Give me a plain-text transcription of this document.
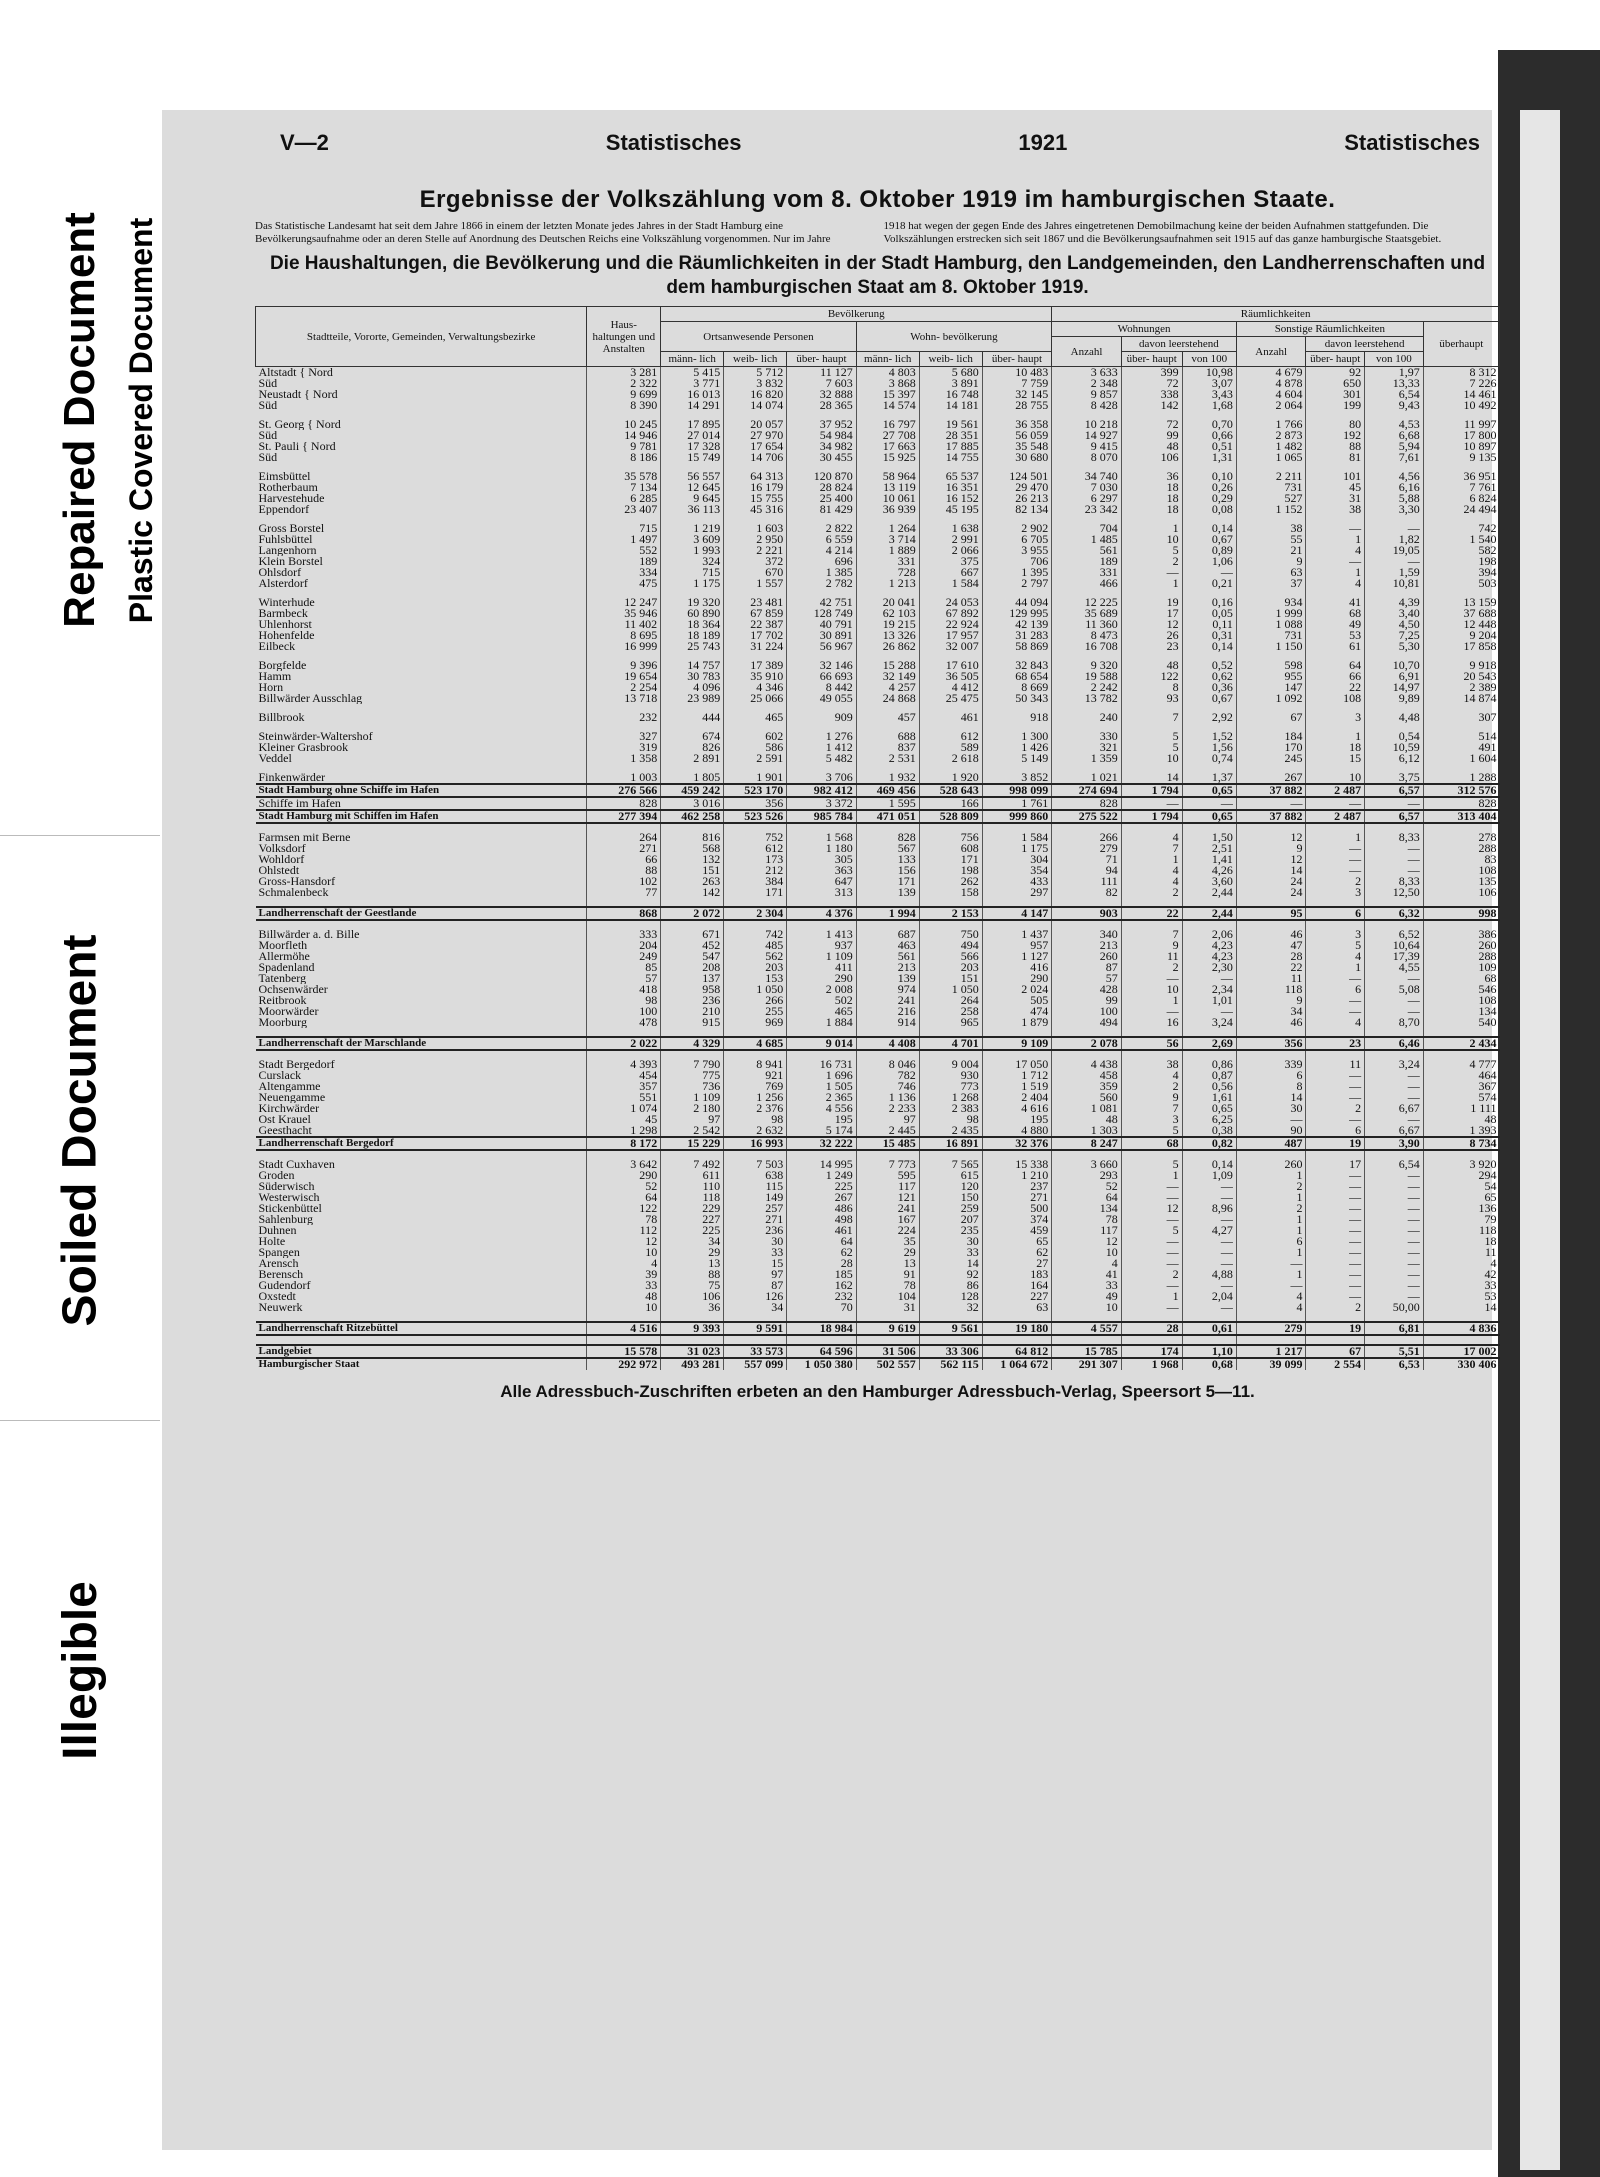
Repaired Document Plastic Covered Document
Soiled Document
Illegible
V—2	Statistisches	1921	Statistisches
Ergebnisse der Volkszählung vom 8. Oktober 1919 im hamburgischen Staate.
Das Statistische Landesamt hat seit dem Jahre 1866 in einem der letzten Monate jedes Jahres in der Stadt Hamburg eine Bevölkerungsaufnahme oder an deren Stelle auf Anordnung des Deutschen Reichs eine Volkszählung vorgenommen. Nur im Jahre
1918 hat wegen der gegen Ende des Jahres eingetretenen Demobilmachung keine der beiden Aufnahmen stattgefunden. Die Volkszählungen erstrecken sich seit 1867 und die Bevölkerungsaufnahmen seit 1915 auf das ganze hamburgische Staatsgebiet.
Die Haushaltungen, die Bevölkerung und die Räumlichkeiten in der Stadt Hamburg, den Landgemeinden, den Landherrenschaften und dem hamburgischen Staat am 8. Oktober 1919.
Stadtteile, Vororte, Gemeinden, Verwaltungsbezirke	Haus- haltungen und Anstalten	Bevölkerung						Räumlichkeiten						
		Ortsanwesende Personen			Wohn- bevölkerung			Wohnungen			Sonstige Räumlichkeiten			überhaupt
								Anzahl	davon leerstehend		Anzahl	davon leerstehend		
		männ- lich	weib- lich	über- haupt	männ- lich	weib- lich	über- haupt		über- haupt	von 100		über- haupt	von 100	
Altstadt { Nord	3 281	5 415	5 712	11 127	4 803	5 680	10 483	3 633	399	10,98	4 679	92	1,97	8 312
Süd	2 322	3 771	3 832	7 603	3 868	3 891	7 759	2 348	72	3,07	4 878	650	13,33	7 226
Neustadt { Nord	9 699	16 013	16 820	32 888	15 397	16 748	32 145	9 857	338	3,43	4 604	301	6,54	14 461
Süd	8 390	14 291	14 074	28 365	14 574	14 181	28 755	8 428	142	1,68	2 064	199	9,43	10 492

St. Georg { Nord	10 245	17 895	20 057	37 952	16 797	19 561	36 358	10 218	72	0,70	1 766	80	4,53	11 997
Süd	14 946	27 014	27 970	54 984	27 708	28 351	56 059	14 927	99	0,66	2 873	192	6,68	17 800
St. Pauli { Nord	9 781	17 328	17 654	34 982	17 663	17 885	35 548	9 415	48	0,51	1 482	88	5,94	10 897
Süd	8 186	15 749	14 706	30 455	15 925	14 755	30 680	8 070	106	1,31	1 065	81	7,61	9 135

Eimsbüttel	35 578	56 557	64 313	120 870	58 964	65 537	124 501	34 740	36	0,10	2 211	101	4,56	36 951
Rotherbaum	7 134	12 645	16 179	28 824	13 119	16 351	29 470	7 030	18	0,26	731	45	6,16	7 761
Harvestehude	6 285	9 645	15 755	25 400	10 061	16 152	26 213	6 297	18	0,29	527	31	5,88	6 824
Eppendorf	23 407	36 113	45 316	81 429	36 939	45 195	82 134	23 342	18	0,08	1 152	38	3,30	24 494

Gross Borstel	715	1 219	1 603	2 822	1 264	1 638	2 902	704	1	0,14	38	—	—	742
Fuhlsbüttel	1 497	3 609	2 950	6 559	3 714	2 991	6 705	1 485	10	0,67	55	1	1,82	1 540
Langenhorn	552	1 993	2 221	4 214	1 889	2 066	3 955	561	5	0,89	21	4	19,05	582
Klein Borstel	189	324	372	696	331	375	706	189	2	1,06	9	—	—	198
Ohlsdorf	334	715	670	1 385	728	667	1 395	331	—	—	63	1	1,59	394
Alsterdorf	475	1 175	1 557	2 782	1 213	1 584	2 797	466	1	0,21	37	4	10,81	503

Winterhude	12 247	19 320	23 481	42 751	20 041	24 053	44 094	12 225	19	0,16	934	41	4,39	13 159
Barmbeck	35 946	60 890	67 859	128 749	62 103	67 892	129 995	35 689	17	0,05	1 999	68	3,40	37 688
Uhlenhorst	11 402	18 364	22 387	40 791	19 215	22 924	42 139	11 360	12	0,11	1 088	49	4,50	12 448
Hohenfelde	8 695	18 189	17 702	30 891	13 326	17 957	31 283	8 473	26	0,31	731	53	7,25	9 204
Eilbeck	16 999	25 743	31 224	56 967	26 862	32 007	58 869	16 708	23	0,14	1 150	61	5,30	17 858

Borgfelde	9 396	14 757	17 389	32 146	15 288	17 610	32 843	9 320	48	0,52	598	64	10,70	9 918
Hamm	19 654	30 783	35 910	66 693	32 149	36 505	68 654	19 588	122	0,62	955	66	6,91	20 543
Horn	2 254	4 096	4 346	8 442	4 257	4 412	8 669	2 242	8	0,36	147	22	14,97	2 389
Billwärder Ausschlag	13 718	23 989	25 066	49 055	24 868	25 475	50 343	13 782	93	0,67	1 092	108	9,89	14 874

Billbrook	232	444	465	909	457	461	918	240	7	2,92	67	3	4,48	307

Steinwärder-Waltershof	327	674	602	1 276	688	612	1 300	330	5	1,52	184	1	0,54	514
Kleiner Grasbrook	319	826	586	1 412	837	589	1 426	321	5	1,56	170	18	10,59	491
Veddel	1 358	2 891	2 591	5 482	2 531	2 618	5 149	1 359	10	0,74	245	15	6,12	1 604

Finkenwärder	1 003	1 805	1 901	3 706	1 932	1 920	3 852	1 021	14	1,37	267	10	3,75	1 288
Stadt Hamburg ohne Schiffe im Hafen	276 566	459 242	523 170	982 412	469 456	528 643	998 099	274 694	1 794	0,65	37 882	2 487	6,57	312 576
Schiffe im Hafen	828	3 016	356	3 372	1 595	166	1 761	828	—	—	—	—	—	828
Stadt Hamburg mit Schiffen im Hafen	277 394	462 258	523 526	985 784	471 051	528 809	999 860	275 522	1 794	0,65	37 882	2 487	6,57	313 404

Farmsen mit Berne	264	816	752	1 568	828	756	1 584	266	4	1,50	12	1	8,33	278
Volksdorf	271	568	612	1 180	567	608	1 175	279	7	2,51	9	—	—	288
Wohldorf	66	132	173	305	133	171	304	71	1	1,41	12	—	—	83
Ohlstedt	88	151	212	363	156	198	354	94	4	4,26	14	—	—	108
Gross-Hansdorf	102	263	384	647	171	262	433	111	4	3,60	24	2	8,33	135
Schmalenbeck	77	142	171	313	139	158	297	82	2	2,44	24	3	12,50	106

Landherrenschaft der Geestlande	868	2 072	2 304	4 376	1 994	2 153	4 147	903	22	2,44	95	6	6,32	998

Billwärder a. d. Bille	333	671	742	1 413	687	750	1 437	340	7	2,06	46	3	6,52	386
Moorfleth	204	452	485	937	463	494	957	213	9	4,23	47	5	10,64	260
Allermöhe	249	547	562	1 109	561	566	1 127	260	11	4,23	28	4	17,39	288
Spadenland	85	208	203	411	213	203	416	87	2	2,30	22	1	4,55	109
Tatenberg	57	137	153	290	139	151	290	57	—	—	11	—	—	68
Ochsenwärder	418	958	1 050	2 008	974	1 050	2 024	428	10	2,34	118	6	5,08	546
Reitbrook	98	236	266	502	241	264	505	99	1	1,01	9	—	—	108
Moorwärder	100	210	255	465	216	258	474	100	—	—	34	—	—	134
Moorburg	478	915	969	1 884	914	965	1 879	494	16	3,24	46	4	8,70	540

Landherrenschaft der Marschlande	2 022	4 329	4 685	9 014	4 408	4 701	9 109	2 078	56	2,69	356	23	6,46	2 434

Stadt Bergedorf	4 393	7 790	8 941	16 731	8 046	9 004	17 050	4 438	38	0,86	339	11	3,24	4 777
Curslack	454	775	921	1 696	782	930	1 712	458	4	0,87	6	—	—	464
Altengamme	357	736	769	1 505	746	773	1 519	359	2	0,56	8	—	—	367
Neuengamme	551	1 109	1 256	2 365	1 136	1 268	2 404	560	9	1,61	14	—	—	574
Kirchwärder	1 074	2 180	2 376	4 556	2 233	2 383	4 616	1 081	7	0,65	30	2	6,67	1 111
Ost Krauel	45	97	98	195	97	98	195	48	3	6,25	—	—	—	48
Geesthacht	1 298	2 542	2 632	5 174	2 445	2 435	4 880	1 303	5	0,38	90	6	6,67	1 393
Landherrenschaft Bergedorf	8 172	15 229	16 993	32 222	15 485	16 891	32 376	8 247	68	0,82	487	19	3,90	8 734

Stadt Cuxhaven	3 642	7 492	7 503	14 995	7 773	7 565	15 338	3 660	5	0,14	260	17	6,54	3 920
Groden	290	611	638	1 249	595	615	1 210	293	1	1,09	1	—	—	294
Süderwisch	52	110	115	225	117	120	237	52	—	—	2	—	—	54
Westerwisch	64	118	149	267	121	150	271	64	—	—	1	—	—	65
Stickenbüttel	122	229	257	486	241	259	500	134	12	8,96	2	—	—	136
Sahlenburg	78	227	271	498	167	207	374	78	—	—	1	—	—	79
Duhnen	112	225	236	461	224	235	459	117	5	4,27	1	—	—	118
Holte	12	34	30	64	35	30	65	12	—	—	6	—	—	18
Spangen	10	29	33	62	29	33	62	10	—	—	1	—	—	11
Arensch	4	13	15	28	13	14	27	4	—	—	—	—	—	4
Berensch	39	88	97	185	91	92	183	41	2	4,88	1	—	—	42
Gudendorf	33	75	87	162	78	86	164	33	—	—	—	—	—	33
Oxstedt	48	106	126	232	104	128	227	49	1	2,04	4	—	—	53
Neuwerk	10	36	34	70	31	32	63	10	—	—	4	2	50,00	14

Landherrenschaft Ritzebüttel	4 516	9 393	9 591	18 984	9 619	9 561	19 180	4 557	28	0,61	279	19	6,81	4 836

Landgebiet	15 578	31 023	33 573	64 596	31 506	33 306	64 812	15 785	174	1,10	1 217	67	5,51	17 002
Hamburgischer Staat	292 972	493 281	557 099	1 050 380	502 557	562 115	1 064 672	291 307	1 968	0,68	39 099	2 554	6,53	330 406
Alle Adressbuch-Zuschriften erbeten an den Hamburger Adressbuch-Verlag, Speersort 5—11.
